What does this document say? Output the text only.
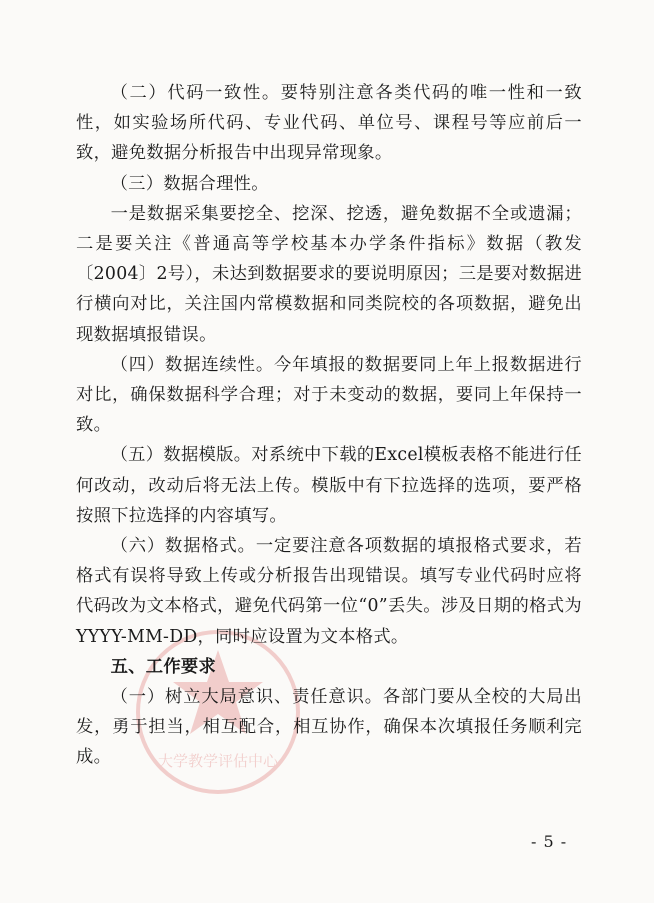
大学教学评估中心

（二）代码一致性。要特别注意各类代码的唯一性和一致性，如实验场所代码、专业代码、单位号、课程号等应前后一致，避免数据分析报告中出现异常现象。

（三）数据合理性。

一是数据采集要挖全、挖深、挖透，避免数据不全或遗漏；二是要关注《普通高等学校基本办学条件指标》数据（教发〔2004〕2号），未达到数据要求的要说明原因；三是要对数据进行横向对比，关注国内常模数据和同类院校的各项数据，避免出现数据填报错误。

（四）数据连续性。今年填报的数据要同上年上报数据进行对比，确保数据科学合理；对于未变动的数据，要同上年保持一致。

（五）数据模版。对系统中下载的Excel模板表格不能进行任何改动，改动后将无法上传。模版中有下拉选择的选项，要严格按照下拉选择的内容填写。

（六）数据格式。一定要注意各项数据的填报格式要求，若格式有误将导致上传或分析报告出现错误。填写专业代码时应将代码改为文本格式，避免代码第一位“0”丢失。涉及日期的格式为YYYY-MM-DD，同时应设置为文本格式。

五、工作要求

（一）树立大局意识、责任意识。各部门要从全校的大局出发，勇于担当，相互配合，相互协作，确保本次填报任务顺利完成。

- 5 -
